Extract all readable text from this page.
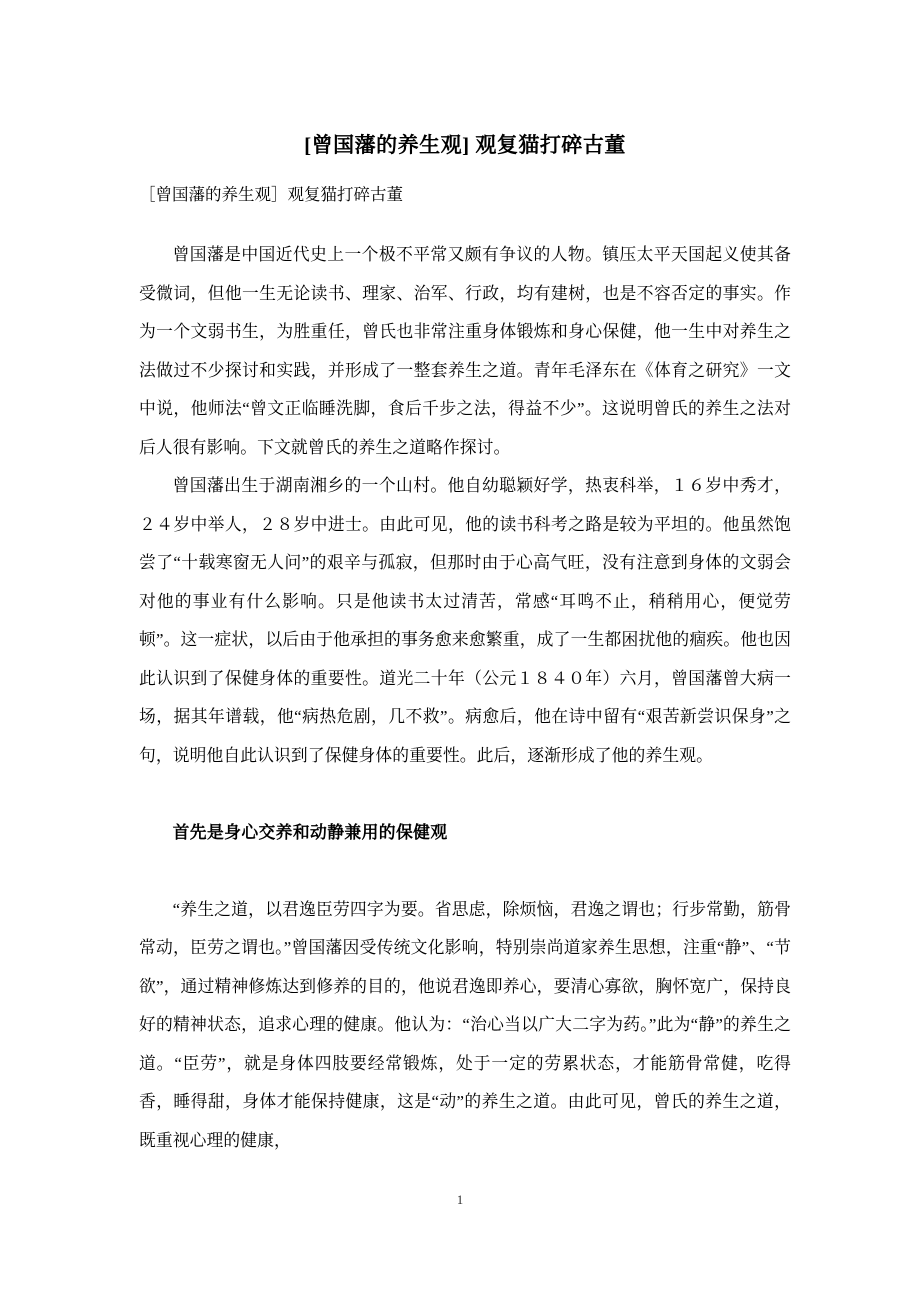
[曾国藩的养生观] 观复猫打碎古董

［曾国藩的养生观］观复猫打碎古董

曾国藩是中国近代史上一个极不平常又颇有争议的人物。镇压太平天国起义使其备受微词，但他一生无论读书、理家、治军、行政，均有建树，也是不容否定的事实。作为一个文弱书生，为胜重任，曾氏也非常注重身体锻炼和身心保健，他一生中对养生之法做过不少探讨和实践，并形成了一整套养生之道。青年毛泽东在《体育之研究》一文中说，他师法“曾文正临睡洗脚，食后千步之法，得益不少”。这说明曾氏的养生之法对后人很有影响。下文就曾氏的养生之道略作探讨。

曾国藩出生于湖南湘乡的一个山村。他自幼聪颖好学，热衷科举，１６岁中秀才，２４岁中举人，２８岁中进士。由此可见，他的读书科考之路是较为平坦的。他虽然饱尝了“十载寒窗无人问”的艰辛与孤寂，但那时由于心高气旺，没有注意到身体的文弱会对他的事业有什么影响。只是他读书太过清苦，常感“耳鸣不止，稍稍用心，便觉劳顿”。这一症状，以后由于他承担的事务愈来愈繁重，成了一生都困扰他的痼疾。他也因此认识到了保健身体的重要性。道光二十年（公元１８４０年）六月，曾国藩曾大病一场，据其年谱载，他“病热危剧，几不救”。病愈后，他在诗中留有“艰苦新尝识保身”之句，说明他自此认识到了保健身体的重要性。此后，逐渐形成了他的养生观。

首先是身心交养和动静兼用的保健观

“养生之道，以君逸臣劳四字为要。省思虑，除烦恼，君逸之谓也；行步常勤，筋骨常动，臣劳之谓也。”曾国藩因受传统文化影响，特别崇尚道家养生思想，注重“静”、“节欲”，通过精神修炼达到修养的目的，他说君逸即养心，要清心寡欲，胸怀宽广，保持良好的精神状态，追求心理的健康。他认为：“治心当以广大二字为药。”此为“静”的养生之道。“臣劳”，就是身体四肢要经常锻炼，处于一定的劳累状态，才能筋骨常健，吃得香，睡得甜，身体才能保持健康，这是“动”的养生之道。由此可见，曾氏的养生之道，既重视心理的健康，

1
